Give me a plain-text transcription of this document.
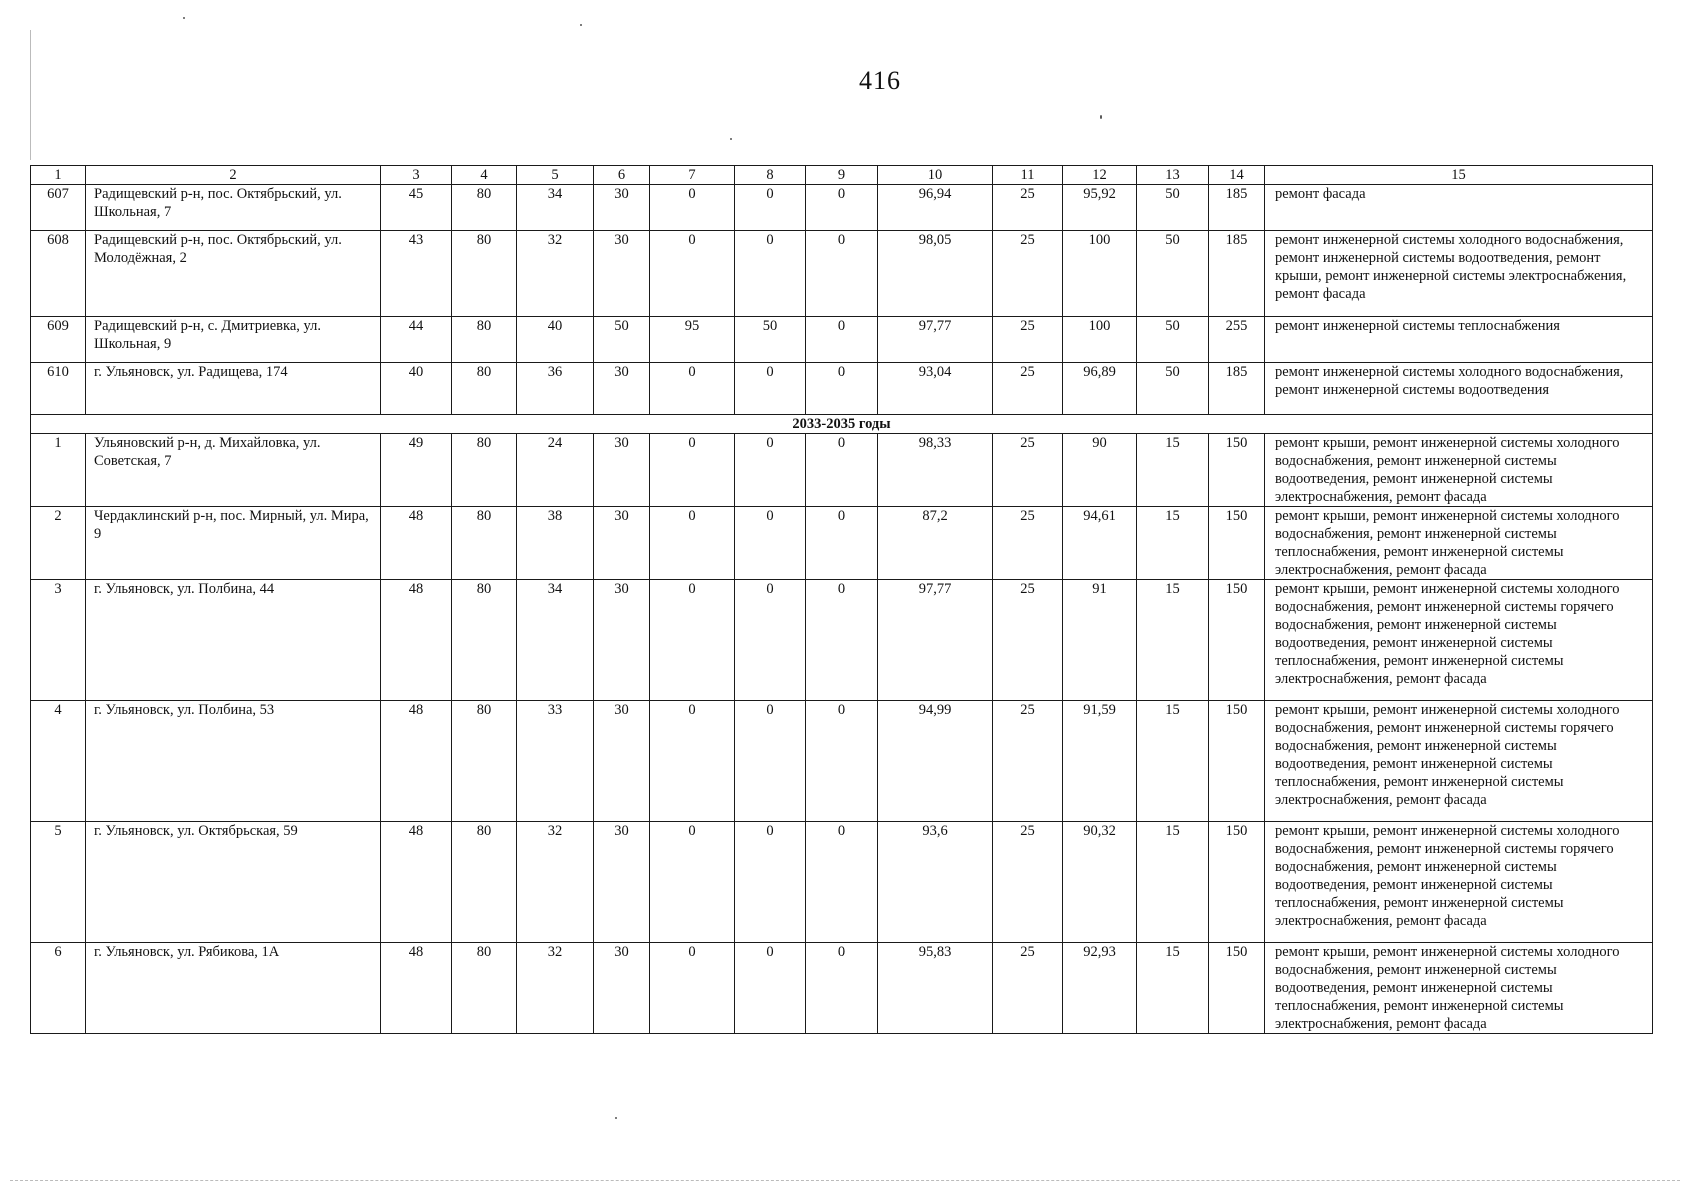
416
1	2	3	4	5	6	7	8	9	10	11	12	13	14	15
607	Радищевский р-н, пос. Октябрьский, ул. Школьная, 7	45	80	34	30	0	0	0	96,94	25	95,92	50	185	ремонт фасада
608	Радищевский р-н, пос. Октябрьский, ул. Молодёжная, 2	43	80	32	30	0	0	0	98,05	25	100	50	185	ремонт инженерной системы холодного водоснабжения, ремонт инженерной системы водоотведения, ремонт крыши, ремонт инженерной системы электроснабжения, ремонт фасада
609	Радищевский р-н, с. Дмитриевка, ул. Школьная, 9	44	80	40	50	95	50	0	97,77	25	100	50	255	ремонт инженерной системы теплоснабжения
610	г. Ульяновск, ул. Радищева, 174	40	80	36	30	0	0	0	93,04	25	96,89	50	185	ремонт инженерной системы холодного водоснабжения, ремонт инженерной системы водоотведения
2033-2035 годы														
1	Ульяновский р-н, д. Михайловка, ул. Советская, 7	49	80	24	30	0	0	0	98,33	25	90	15	150	ремонт крыши, ремонт инженерной системы холодного водоснабжения, ремонт инженерной системы водоотведения, ремонт инженерной системы электроснабжения, ремонт фасада
2	Чердаклинский р-н, пос. Мирный, ул. Мира, 9	48	80	38	30	0	0	0	87,2	25	94,61	15	150	ремонт крыши, ремонт инженерной системы холодного водоснабжения, ремонт инженерной системы теплоснабжения, ремонт инженерной системы электроснабжения, ремонт фасада
3	г. Ульяновск, ул. Полбина, 44	48	80	34	30	0	0	0	97,77	25	91	15	150	ремонт крыши, ремонт инженерной системы холодного водоснабжения, ремонт инженерной системы горячего водоснабжения, ремонт инженерной системы водоотведения, ремонт инженерной системы теплоснабжения, ремонт инженерной системы электроснабжения, ремонт фасада
4	г. Ульяновск, ул. Полбина, 53	48	80	33	30	0	0	0	94,99	25	91,59	15	150	ремонт крыши, ремонт инженерной системы холодного водоснабжения, ремонт инженерной системы горячего водоснабжения, ремонт инженерной системы водоотведения, ремонт инженерной системы теплоснабжения, ремонт инженерной системы электроснабжения, ремонт фасада
5	г. Ульяновск, ул. Октябрьская, 59	48	80	32	30	0	0	0	93,6	25	90,32	15	150	ремонт крыши, ремонт инженерной системы холодного водоснабжения, ремонт инженерной системы горячего водоснабжения, ремонт инженерной системы водоотведения, ремонт инженерной системы теплоснабжения, ремонт инженерной системы электроснабжения, ремонт фасада
6	г. Ульяновск, ул. Рябикова, 1А	48	80	32	30	0	0	0	95,83	25	92,93	15	150	ремонт крыши, ремонт инженерной системы холодного водоснабжения, ремонт инженерной системы водоотведения, ремонт инженерной системы теплоснабжения, ремонт инженерной системы электроснабжения, ремонт фасада
